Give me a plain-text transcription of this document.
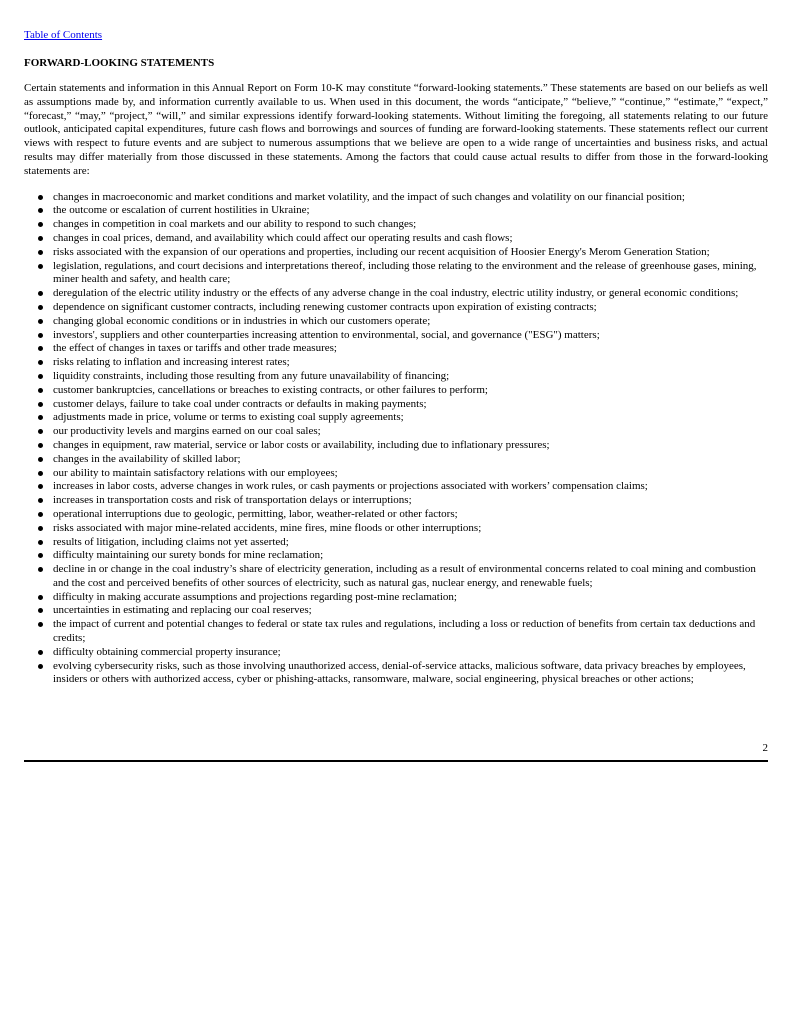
Table of Contents
FORWARD-LOOKING STATEMENTS

Certain statements and information in this Annual Report on Form 10-K may constitute “forward-looking statements.” These statements are based on our beliefs as well as assumptions made by, and information currently available to us. When used in this document, the words “anticipate,” “believe,” “continue,” “estimate,” “expect,” “forecast,” “may,” “project,” “will,” and similar expressions identify forward-looking statements. Without limiting the foregoing, all statements relating to our future outlook, anticipated capital expenditures, future cash flows and borrowings and sources of funding are forward-looking statements. These statements reflect our current views with respect to future events and are subject to numerous assumptions that we believe are open to a wide range of uncertainties and business risks, and actual results may differ materially from those discussed in these statements. Among the factors that could cause actual results to differ from those in the forward-looking statements are:

changes in macroeconomic and market conditions and market volatility, and the impact of such changes and volatility on our financial position;
the outcome or escalation of current hostilities in Ukraine;
changes in competition in coal markets and our ability to respond to such changes;
changes in coal prices, demand, and availability which could affect our operating results and cash flows;
risks associated with the expansion of our operations and properties, including our recent acquisition of Hoosier Energy's Merom Generation Station;
legislation, regulations, and court decisions and interpretations thereof, including those relating to the environment and the release of greenhouse gases, mining, miner health and safety, and health care;
deregulation of the electric utility industry or the effects of any adverse change in the coal industry, electric utility industry, or general economic conditions;
dependence on significant customer contracts, including renewing customer contracts upon expiration of existing contracts;
changing global economic conditions or in industries in which our customers operate;
investors', suppliers and other counterparties increasing attention to environmental, social, and governance ("ESG") matters;
the effect of changes in taxes or tariffs and other trade measures;
risks relating to inflation and increasing interest rates;
liquidity constraints, including those resulting from any future unavailability of financing;
customer bankruptcies, cancellations or breaches to existing contracts, or other failures to perform;
customer delays, failure to take coal under contracts or defaults in making payments;
adjustments made in price, volume or terms to existing coal supply agreements;
our productivity levels and margins earned on our coal sales;
changes in equipment, raw material, service or labor costs or availability, including due to inflationary pressures;
changes in the availability of skilled labor;
our ability to maintain satisfactory relations with our employees;
increases in labor costs, adverse changes in work rules, or cash payments or projections associated with workers’ compensation claims;
increases in transportation costs and risk of transportation delays or interruptions;
operational interruptions due to geologic, permitting, labor, weather-related or other factors;
risks associated with major mine-related accidents, mine fires, mine floods or other interruptions;
results of litigation, including claims not yet asserted;
difficulty maintaining our surety bonds for mine reclamation;
decline in or change in the coal industry’s share of electricity generation, including as a result of environmental concerns related to coal mining and combustion and the cost and perceived benefits of other sources of electricity, such as natural gas, nuclear energy, and renewable fuels;
difficulty in making accurate assumptions and projections regarding post-mine reclamation;
uncertainties in estimating and replacing our coal reserves;
the impact of current and potential changes to federal or state tax rules and regulations, including a loss or reduction of benefits from certain tax deductions and credits;
difficulty obtaining commercial property insurance;
evolving cybersecurity risks, such as those involving unauthorized access, denial-of-service attacks, malicious software, data privacy breaches by employees, insiders or others with authorized access, cyber or phishing-attacks, ransomware, malware, social engineering, physical breaches or other actions;
2
